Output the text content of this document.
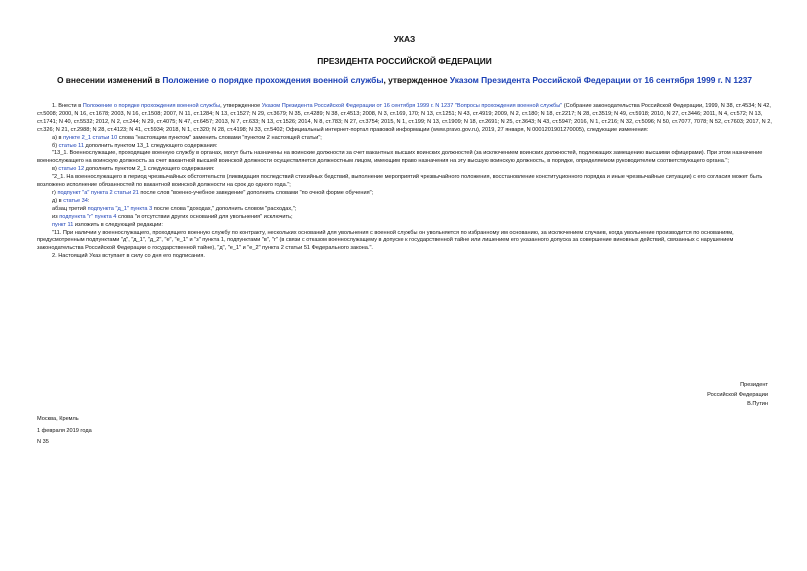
УКАЗ
ПРЕЗИДЕНТА РОССИЙСКОЙ ФЕДЕРАЦИИ
О внесении изменений в Положение о порядке прохождения военной службы, утвержденное Указом Президента Российской Федерации от 16 сентября 1999 г. N 1237

1. Внести в Положение о порядке прохождения военной службы, утвержденное Указом Президента Российской Федерации от 16 сентября 1999 г. N 1237 "Вопросы прохождения военной службы" (Собрание законодательства Российской Федерации, 1999, N 38, ст.4534; N 42, ст.5008; 2000, N 16, ст.1678; 2003, N 16, ст.1508; 2007, N 11, ст.1284; N 13, ст.1527; N 29, ст.3679; N 35, ст.4289; N 38, ст.4513; 2008, N 3, ст.169, 170; N 13, ст.1251; N 43, ст.4919; 2009, N 2, ст.180; N 18, ст.2217; N 28, ст.3519; N 49, ст.5918; 2010, N 27, ст.3446; 2011, N 4, ст.572; N 13, ст.1741; N 40, ст.5532; 2012, N 2, ст.244; N 29, ст.4075; N 47, ст.6457; 2013, N 7, ст.633; N 13, ст.1526; 2014, N 8, ст.783; N 27, ст.3754; 2015, N 1, ст.199; N 13, ст.1909; N 18, ст.2691; N 25, ст.3643; N 43, ст.5947; 2016, N 1, ст.216; N 32, ст.5096; N 50, ст.7077, 7078; N 52, ст.7603; 2017, N 2, ст.326; N 21, ст.2988; N 28, ст.4123; N 41, ст.5934; 2018, N 1, ст.320; N 28, ст.4198; N 33, ст.5402; Официальный интернет-портал правовой информации (www.pravo.gov.ru), 2019, 27 января, N 0001201901270005), следующие изменения:

а) в пункте 2_1 статьи 10 слова "настоящим пунктом" заменить словами "пунктом 2 настоящей статьи";

б) статью 11 дополнить пунктом 13_1 следующего содержания:

"13_1. Военнослужащие, проходящие военную службу в органах, могут быть назначены на воинские должности за счет вакантных высших воинских должностей (за исключением воинских должностей, подлежащих замещению высшими офицерами). При этом назначение военнослужащего на воинскую должность за счет вакантной высшей воинской должности осуществляется должностным лицом, имеющим право назначения на эту высшую воинскую должность, в порядке, определяемом руководителем соответствующего органа.";

в) статью 12 дополнить пунктом 2_1 следующего содержания:

"2_1. На военнослужащего в период чрезвычайных обстоятельств (ликвидация последствий стихийных бедствий, выполнение мероприятий чрезвычайного положения, восстановление конституционного порядка и иные чрезвычайные ситуации) с его согласия может быть возложено исполнение обязанностей по вакантной воинской должности на срок до одного года.";

г) подпункт "а" пункта 2 статьи 21 после слов "военно-учебное заведение" дополнить словами "по очной форме обучения";

д) в статье 34:

абзац третий подпункта "д_1" пункта 3 после слова "доходах," дополнить словом "расходах,";

из подпункта "г" пункта 4 слова "и отсутствии других оснований для увольнения" исключить;

пункт 11 изложить в следующей редакции:

"11. При наличии у военнослужащего, проходящего военную службу по контракту, нескольких оснований для увольнения с военной службы он увольняется по избранному им основанию, за исключением случаев, когда увольнение производится по основаниям, предусмотренным подпунктами "д", "д_1", "д_2", "е", "е_1" и "з" пункта 1, подпунктами "в", "г" (в связи с отказом военнослужащему в допуске к государственной тайне или лишением его указанного допуска за совершение виновных действий, связанных с нарушением законодательства Российской Федерации о государственной тайне), "д", "е_1" и "е_2" пункта 2 статьи 51 Федерального закона.".

2. Настоящий Указ вступает в силу со дня его подписания.

Президент
Российской Федерации
В.Путин
Москва, Кремль
1 февраля 2019 года
N 35
